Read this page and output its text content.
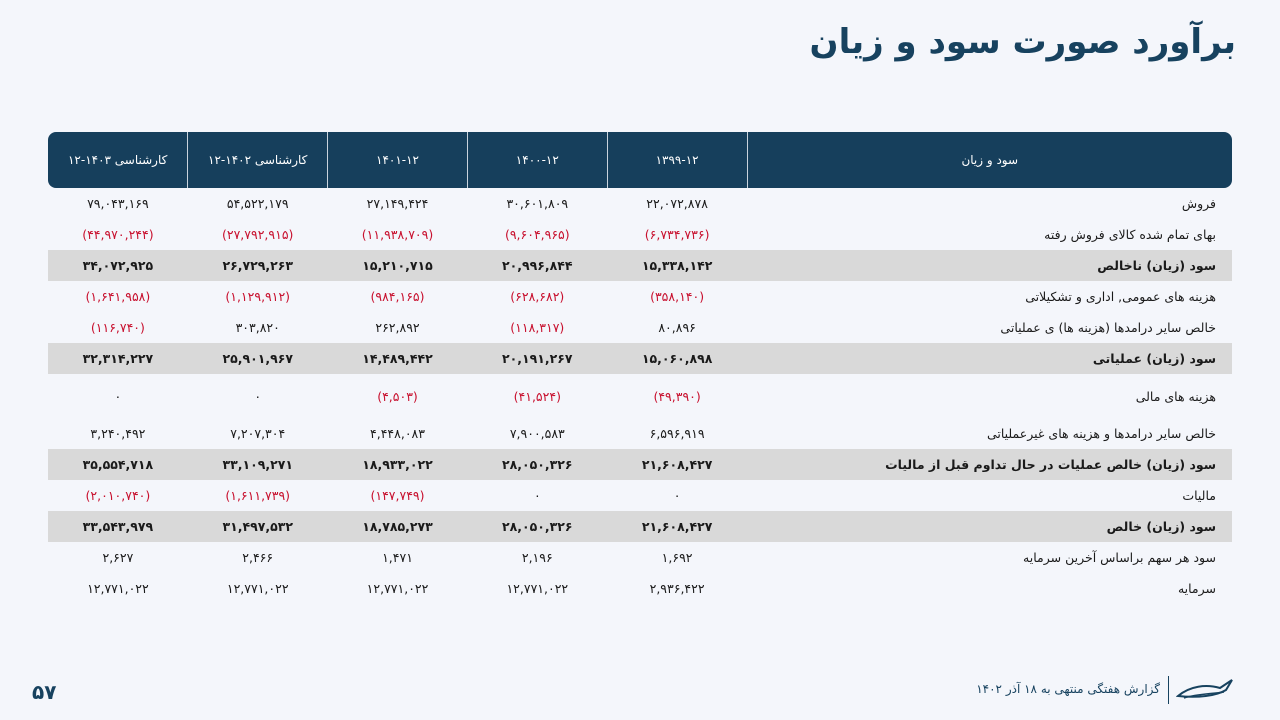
برآورد صورت سود و زیان
سود و زیان	۱۳۹۹-۱۲	۱۴۰۰-۱۲	۱۴۰۱-۱۲	کارشناسی ۱۴۰۲-۱۲	کارشناسی ۱۴۰۳-۱۲
فروش	۲۲,۰۷۲,۸۷۸	۳۰,۶۰۱,۸۰۹	۲۷,۱۴۹,۴۲۴	۵۴,۵۲۲,۱۷۹	۷۹,۰۴۳,۱۶۹
بهای تمام شده کالای فروش رفته	(۶,۷۳۴,۷۳۶)	(۹,۶۰۴,۹۶۵)	(۱۱,۹۳۸,۷۰۹)	(۲۷,۷۹۲,۹۱۵)	(۴۴,۹۷۰,۲۴۴)
سود (زیان) ناخالص	۱۵,۳۳۸,۱۴۲	۲۰,۹۹۶,۸۴۴	۱۵,۲۱۰,۷۱۵	۲۶,۷۲۹,۲۶۳	۳۴,۰۷۲,۹۲۵
هزینه های عمومی, اداری و تشکیلاتی	(۳۵۸,۱۴۰)	(۶۲۸,۶۸۲)	(۹۸۴,۱۶۵)	(۱,۱۲۹,۹۱۲)	(۱,۶۴۱,۹۵۸)
خالص سایر درامدها (هزینه ها) ی عملیاتی	۸۰,۸۹۶	(۱۱۸,۳۱۷)	۲۶۲,۸۹۲	۳۰۳,۸۲۰	(۱۱۶,۷۴۰)
سود (زیان) عملیاتی	۱۵,۰۶۰,۸۹۸	۲۰,۱۹۱,۲۶۷	۱۴,۴۸۹,۴۴۲	۲۵,۹۰۱,۹۶۷	۳۲,۳۱۴,۲۲۷
هزینه های مالی	(۴۹,۳۹۰)	(۴۱,۵۲۴)	(۴,۵۰۳)	۰	۰
خالص سایر درامدها و هزینه های غیرعملیاتی	۶,۵۹۶,۹۱۹	۷,۹۰۰,۵۸۳	۴,۴۴۸,۰۸۳	۷,۲۰۷,۳۰۴	۳,۲۴۰,۴۹۲
سود (زیان) خالص عملیات در حال تداوم قبل از مالیات	۲۱,۶۰۸,۴۲۷	۲۸,۰۵۰,۳۲۶	۱۸,۹۳۳,۰۲۲	۳۳,۱۰۹,۲۷۱	۳۵,۵۵۴,۷۱۸
مالیات	۰	۰	(۱۴۷,۷۴۹)	(۱,۶۱۱,۷۳۹)	(۲,۰۱۰,۷۴۰)
سود (زیان) خالص	۲۱,۶۰۸,۴۲۷	۲۸,۰۵۰,۳۲۶	۱۸,۷۸۵,۲۷۳	۳۱,۴۹۷,۵۳۲	۳۳,۵۴۳,۹۷۹
سود هر سهم براساس آخرین سرمایه	۱,۶۹۲	۲,۱۹۶	۱,۴۷۱	۲,۴۶۶	۲,۶۲۷
سرمایه	۲,۹۳۶,۴۲۲	۱۲,۷۷۱,۰۲۲	۱۲,۷۷۱,۰۲۲	۱۲,۷۷۱,۰۲۲	۱۲,۷۷۱,۰۲۲
۵۷	گزارش هفتگی منتهی به ۱۸ آذر ۱۴۰۲
